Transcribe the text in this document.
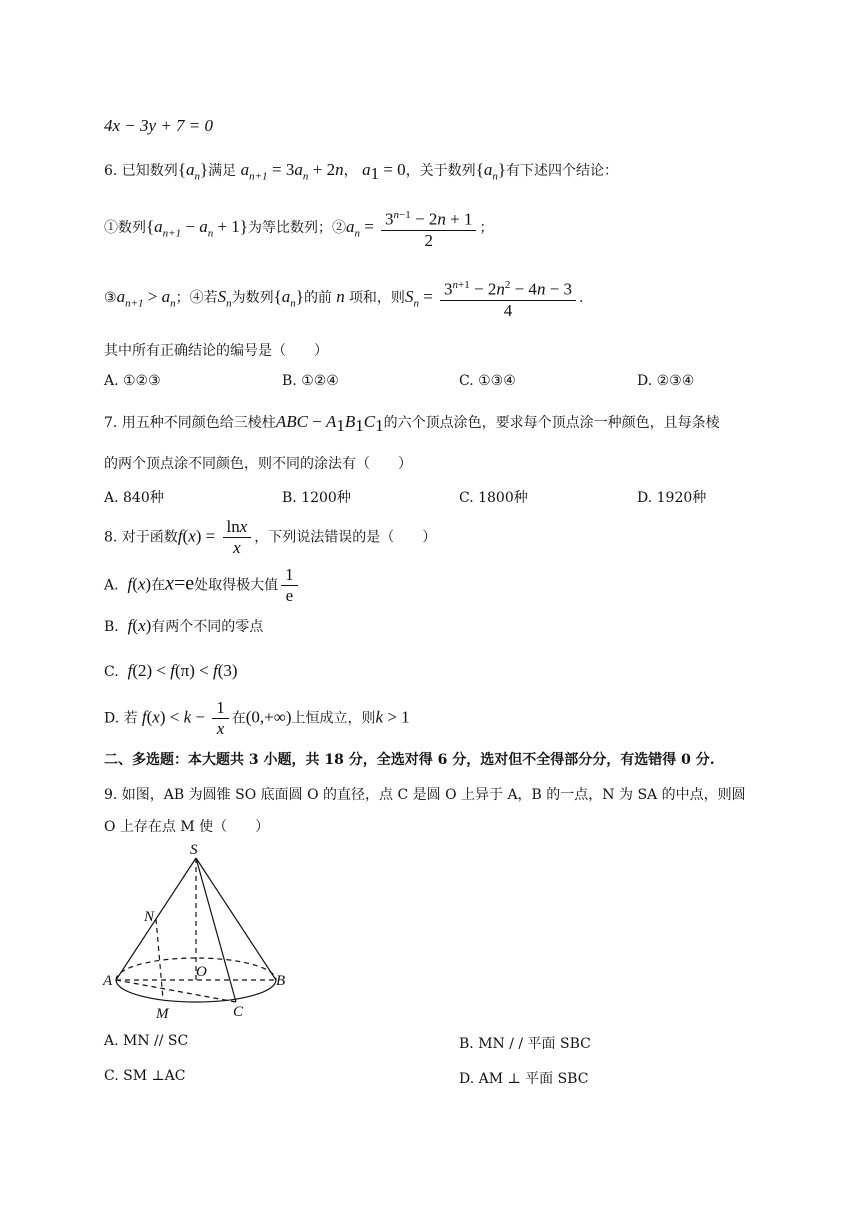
4x − 3y + 7 = 0
6. 已知数列$\{a_n\}$满足 $a_{n+1} = 3a_n + 2n$， $a_1 = 0$，关于数列$\{a_n\}$有下述四个结论：
①数列$\{a_{n+1} - a_n + 1\}$为等比数列；$②a_n = \frac{3^{n-1} - 2n + 1}{2}$ ；
$③a_{n+1} > a_n$；④若$S_n$为数列$\{a_n\}$的前 n 项和，则$S_n = \frac{3^{n+1} - 2n^2 - 4n - 3}{4}$ .
其中所有正确结论的编号是（　　）
A. ①②③	B. ①②④	C. ①③④	D. ②③④
7. 用五种不同颜色给三棱柱ABC − $A_1B_1C_1$的六个顶点涂色，要求每个顶点涂一种颜色，且每条棱
的两个顶点涂不同颜色，则不同的涂法有（　　）
A. 840种	B. 1200种	C. 1800种	D. 1920种
8. 对于函数$f(x) = \frac{\ln x}{x}$ ，下列说法错误的是（　　）
A. f(x)在x=e处取得极大值 $\frac{1}{e}$
B. f(x)有两个不同的零点
C. f(2) < f(π) < f(3)
D. 若 $f(x) < k - \frac{1}{x}$ 在(0,+∞)上恒成立，则k > 1
二、多选题：本大题共 3 小题，共 18 分，全选对得 6 分，选对但不全得部分分，有选错得 0 分.
9. 如图，AB 为圆锥 SO 底面圆 O 的直径，点 C 是圆 O 上异于 A，B 的一点，N 为 SA 的中点，则圆
O 上存在点 M 使（　　）
S
N
O
A	B
M	C
A. MN // SC	B. MN / / 平面 SBC
C. SM ⊥AC	D. AM ⊥ 平面 SBC
